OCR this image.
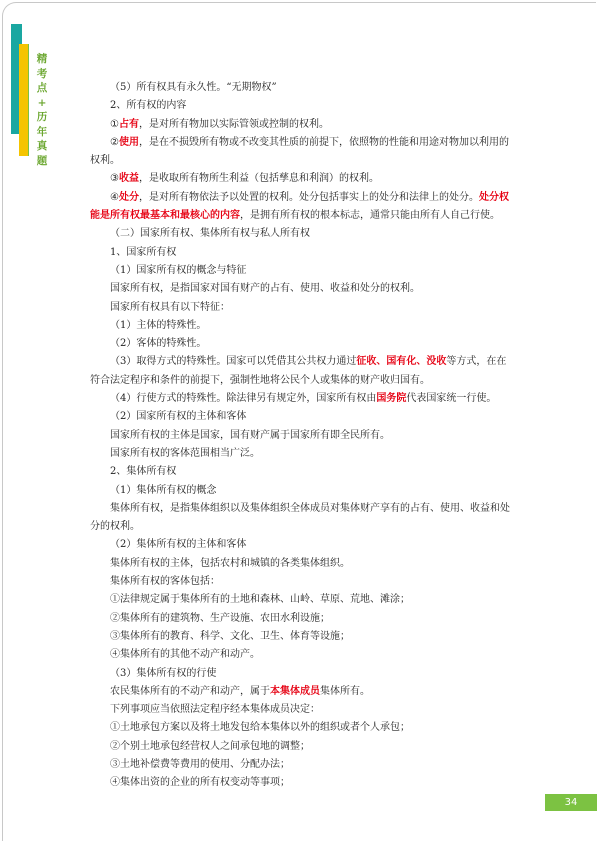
精
考
点
+
历
年
真
题
（5）所有权具有永久性。“无期物权”
2、所有权的内容
①占有，是对所有物加以实际管领或控制的权利。
②使用，是在不损毁所有物或不改变其性质的前提下，依照物的性能和用途对物加以利用的权利。
③收益，是收取所有物所生利益（包括孳息和利润）的权利。
④处分，是对所有物依法予以处置的权利。处分包括事实上的处分和法律上的处分。处分权能是所有权最基本和最核心的内容，是拥有所有权的根本标志，通常只能由所有人自己行使。
（二）国家所有权、集体所有权与私人所有权
1、国家所有权
（1）国家所有权的概念与特征
国家所有权，是指国家对国有财产的占有、使用、收益和处分的权利。
国家所有权具有以下特征：
（1）主体的特殊性。
（2）客体的特殊性。
（3）取得方式的特殊性。国家可以凭借其公共权力通过征收、国有化、没收等方式，在在符合法定程序和条件的前提下，强制性地将公民个人或集体的财产收归国有。
（4）行使方式的特殊性。除法律另有规定外，国家所有权由国务院代表国家统一行使。
（2）国家所有权的主体和客体
国家所有权的主体是国家，国有财产属于国家所有即全民所有。
国家所有权的客体范围相当广泛。
2、集体所有权
（1）集体所有权的概念
集体所有权，是指集体组织以及集体组织全体成员对集体财产享有的占有、使用、收益和处分的权利。
（2）集体所有权的主体和客体
集体所有权的主体，包括农村和城镇的各类集体组织。
集体所有权的客体包括：
①法律规定属于集体所有的土地和森林、山岭、草原、荒地、滩涂；
②集体所有的建筑物、生产设施、农田水利设施；
③集体所有的教育、科学、文化、卫生、体育等设施；
④集体所有的其他不动产和动产。
（3）集体所有权的行使
农民集体所有的不动产和动产，属于本集体成员集体所有。
下列事项应当依照法定程序经本集体成员决定：
①土地承包方案以及将土地发包给本集体以外的组织或者个人承包；
②个别土地承包经营权人之间承包地的调整；
③土地补偿费等费用的使用、分配办法；
④集体出资的企业的所有权变动等事项；
34
